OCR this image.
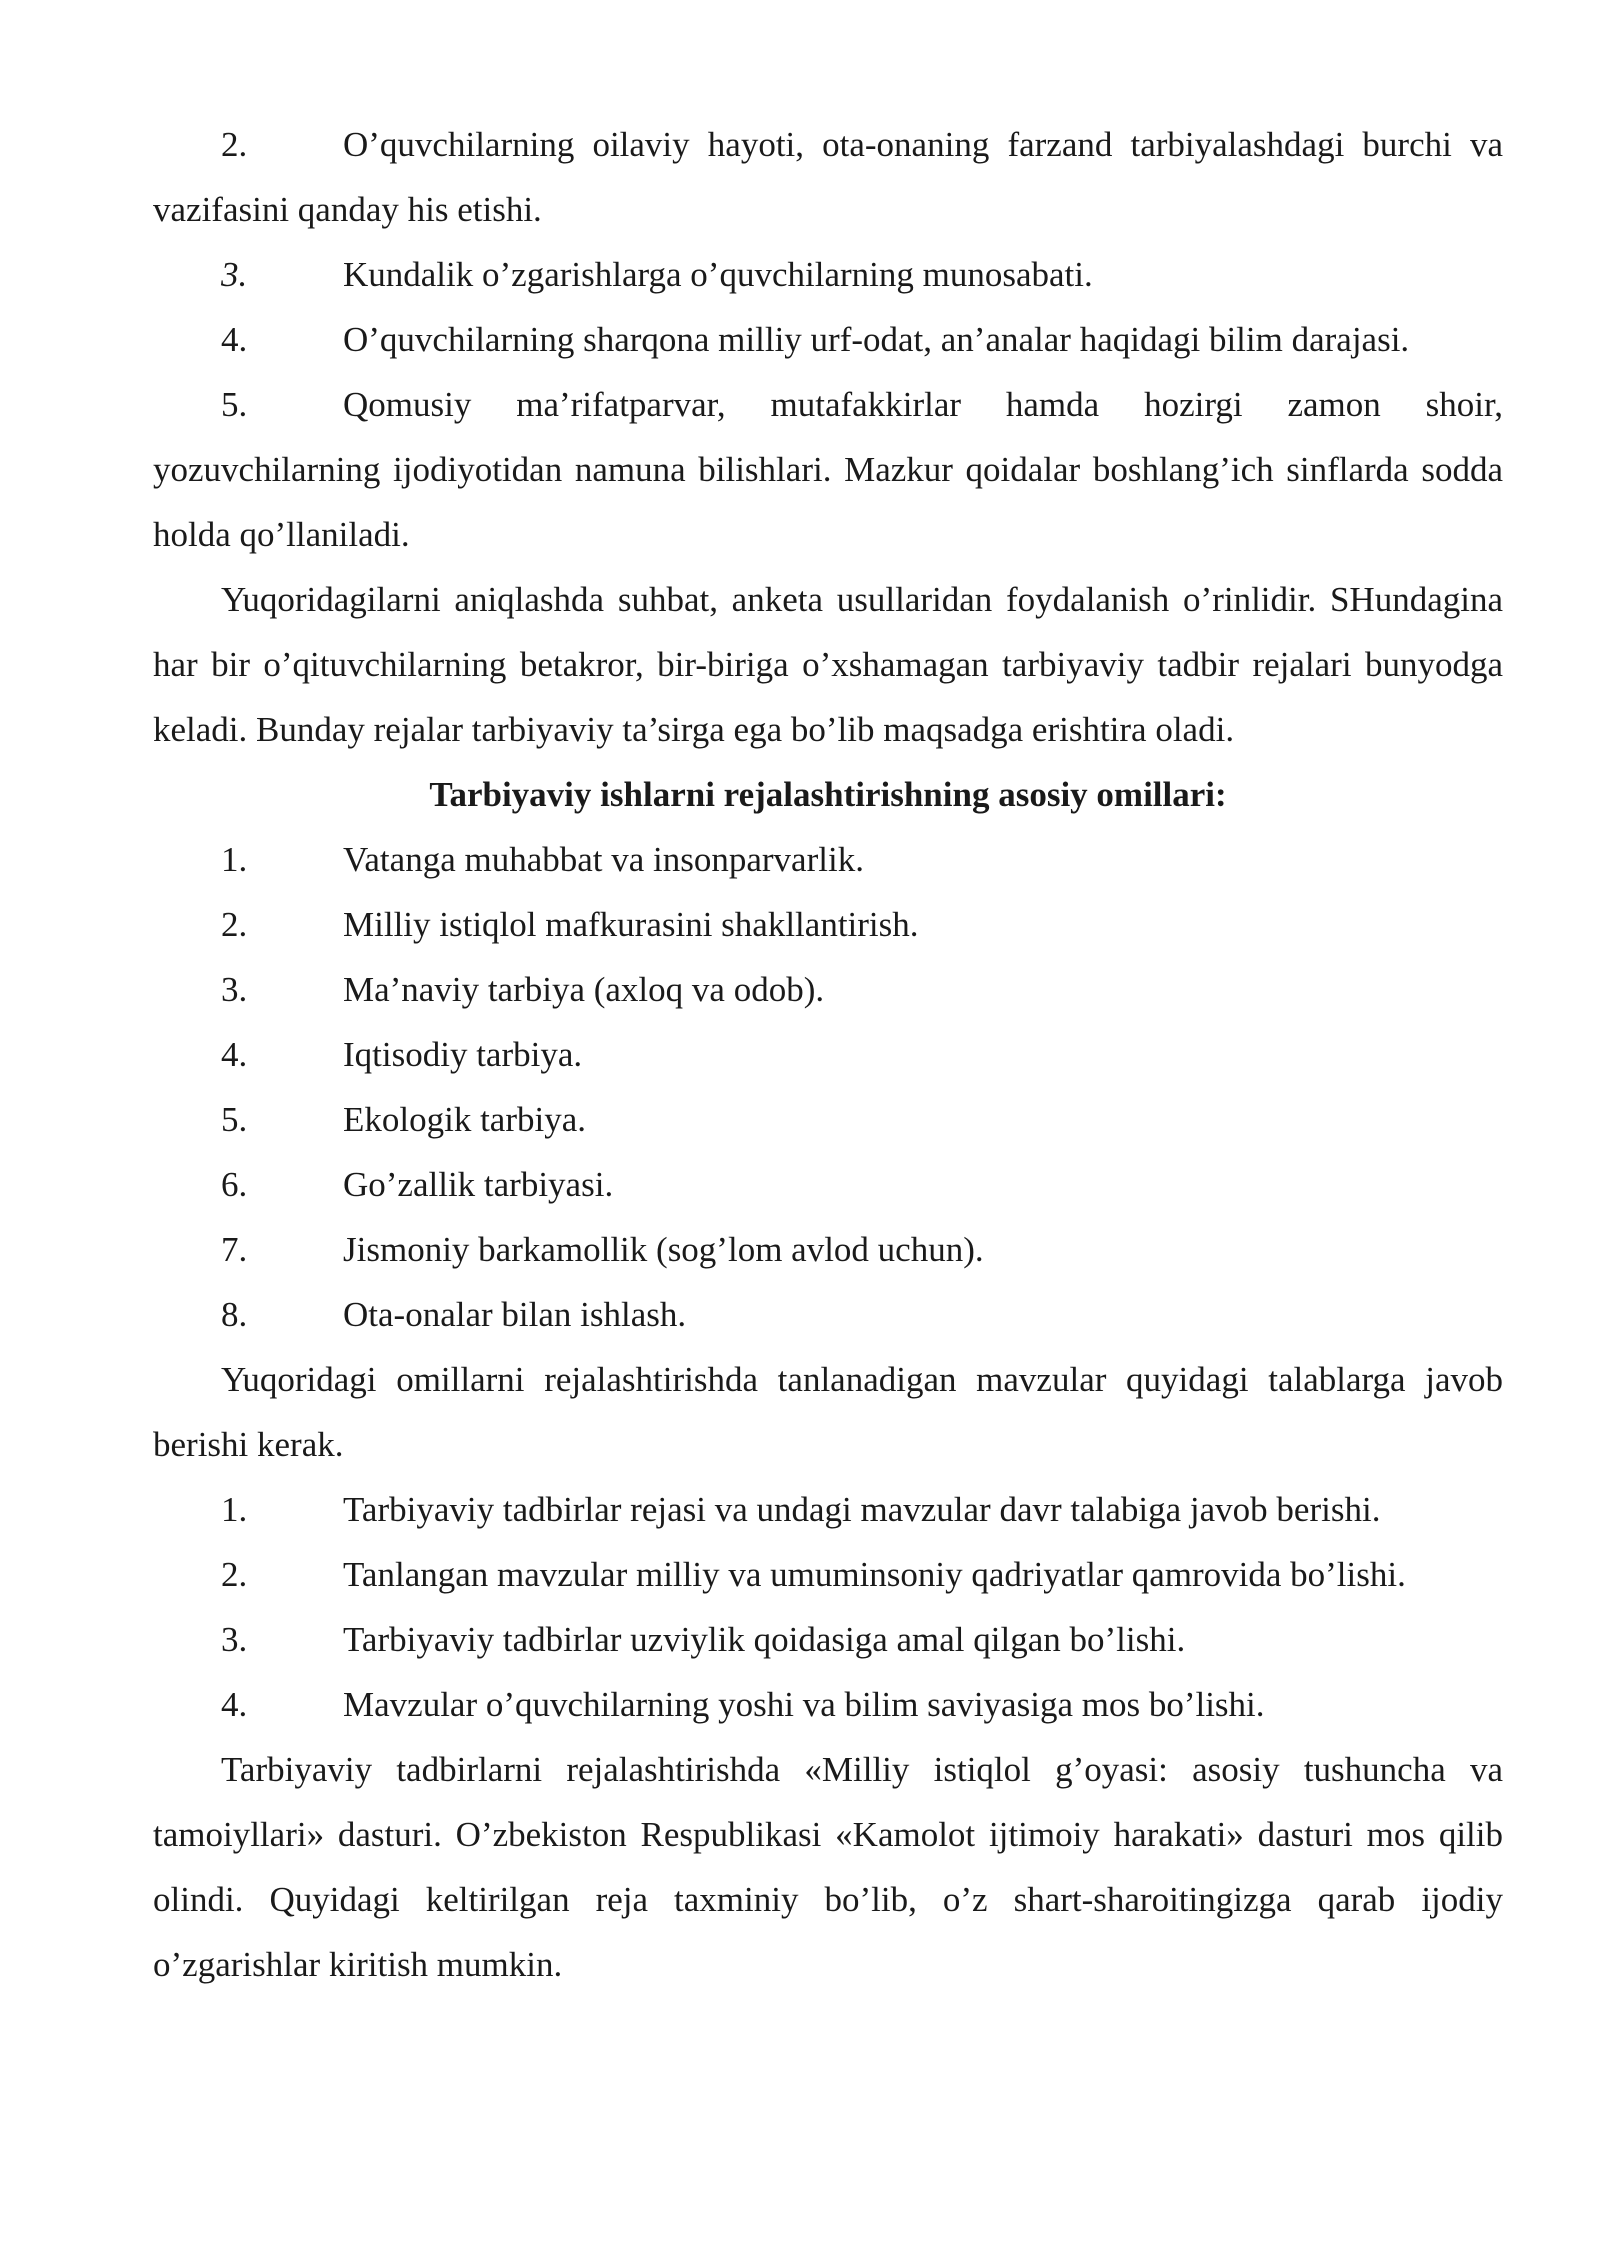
2.	O’quvchilarning oilaviy hayoti, ota-onaning farzand tarbiyalashdagi burchi va vazifasini qanday his etishi.
3.	Kundalik o’zgarishlarga o’quvchilarning munosabati.
4.	O’quvchilarning sharqona milliy urf-odat, an’analar haqidagi bilim darajasi.
5.	Qomusiy ma’rifatparvar, mutafakkirlar hamda hozirgi zamon shoir, yozuvchilarning ijodiyotidan namuna bilishlari. Mazkur qoidalar boshlang’ich sinflarda sodda holda qo’llaniladi.
Yuqoridagilarni aniqlashda suhbat, anketa usullaridan foydalanish o’rinlidir. SHundagina har bir o’qituvchilarning betakror, bir-biriga o’xshamagan tarbiyaviy tadbir rejalari bunyodga keladi. Bunday rejalar tarbiyaviy ta’sirga ega bo’lib maqsadga erishtira oladi.
Tarbiyaviy ishlarni rejalashtirishning asosiy omillari:
1.	Vatanga muhabbat va insonparvarlik.
2.	Milliy istiqlol mafkurasini shakllantirish.
3.	Ma’naviy tarbiya (axloq va odob).
4.	Iqtisodiy tarbiya.
5.	Ekologik tarbiya.
6.	Go’zallik tarbiyasi.
7.	Jismoniy barkamollik (sog’lom avlod uchun).
8.	Ota-onalar bilan ishlash.
Yuqoridagi omillarni rejalashtirishda tanlanadigan mavzular quyidagi talablarga javob berishi kerak.
1.	Tarbiyaviy tadbirlar rejasi va undagi mavzular davr talabiga javob berishi.
2.	Tanlangan mavzular milliy va umuminsoniy qadriyatlar qamrovida bo’lishi.
3.	Tarbiyaviy tadbirlar uzviylik qoidasiga amal qilgan bo’lishi.
4.	Mavzular o’quvchilarning yoshi va bilim saviyasiga mos bo’lishi.
Tarbiyaviy tadbirlarni rejalashtirishda «Milliy istiqlol g’oyasi: asosiy tushuncha va tamoiyllari» dasturi. O’zbekiston Respublikasi «Kamolot ijtimoiy harakati» dasturi mos qilib olindi. Quyidagi keltirilgan reja taxminiy bo’lib, o’z shart-sharoitingizga qarab ijodiy o’zgarishlar kiritish mumkin.
